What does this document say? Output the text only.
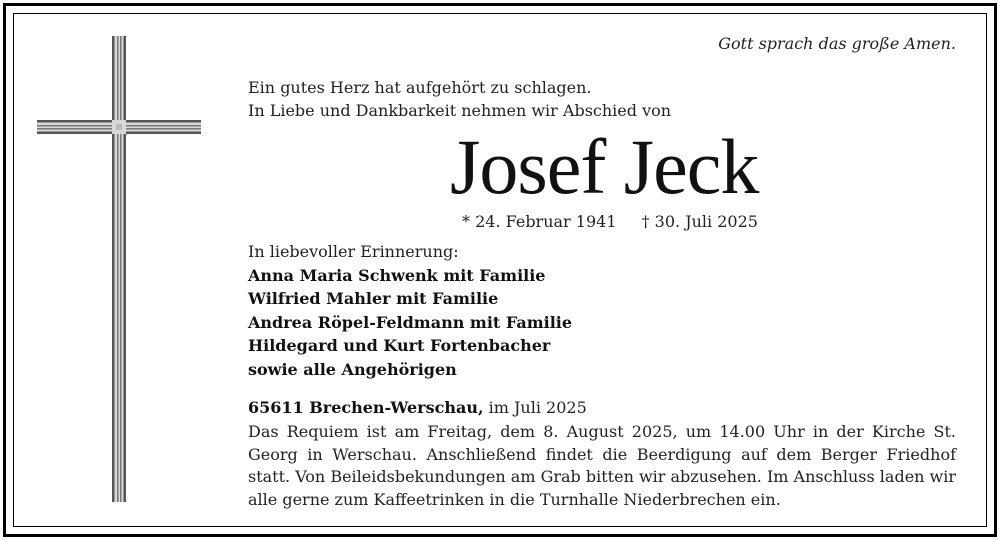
Gott sprach das große Amen.
Ein gutes Herz hat aufgehört zu schlagen.
In Liebe und Dankbarkeit nehmen wir Abschied von
Josef Jeck
* 24. Februar 1941 † 30. Juli 2025
In liebevoller Erinnerung:
Anna Maria Schwenk mit Familie
Wilfried Mahler mit Familie
Andrea Röpel-Feldmann mit Familie
Hildegard und Kurt Fortenbacher
sowie alle Angehörigen
65611 Brechen-Werschau, im Juli 2025
Das Requiem ist am Freitag, dem 8. August 2025, um 14.00 Uhr in der Kirche St. Georg in Werschau. Anschließend findet die Beerdigung auf dem Berger Friedhof statt. Von Beileidsbekundungen am Grab bitten wir abzusehen. Im Anschluss laden wir alle gerne zum Kaffeetrinken in die Turnhalle Niederbrechen ein.
